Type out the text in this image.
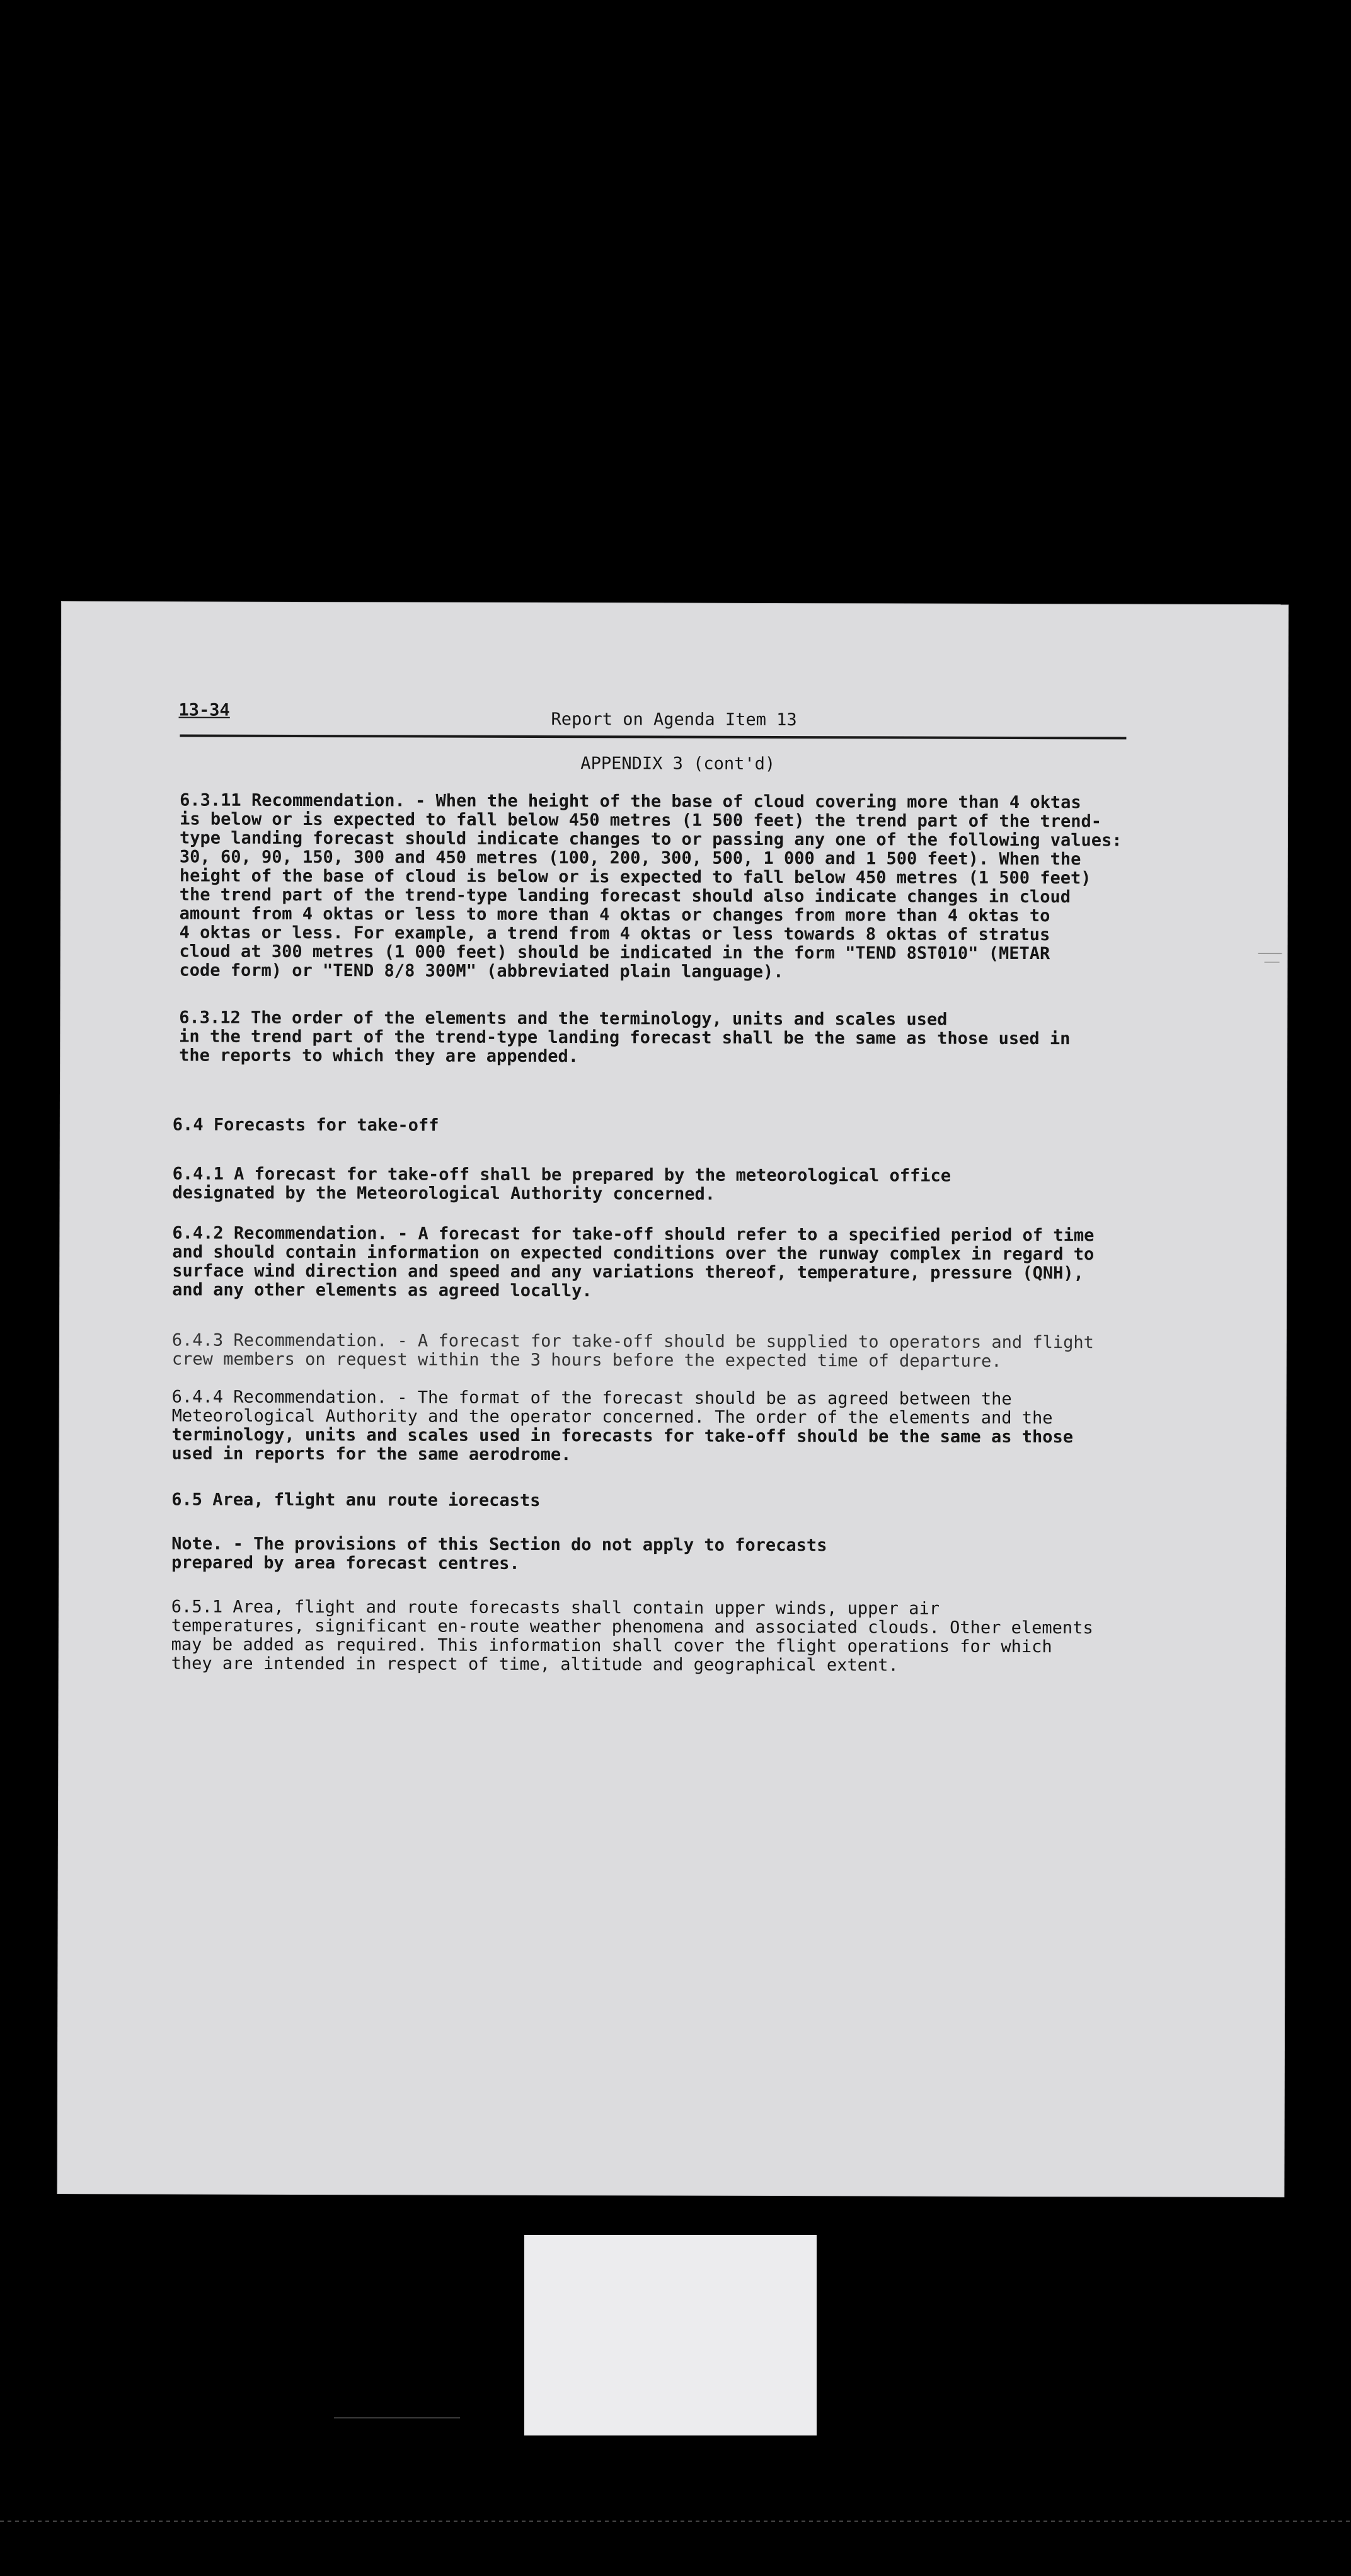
13-34	Report on Agenda Item 13
APPENDIX 3 (cont'd)
6.3.11 Recommendation. - When the height of the base of cloud covering more than 4 oktas
is below or is expected to fall below 450 metres (1 500 feet) the trend part of the trend-
type landing forecast should indicate changes to or passing any one of the following values:
30, 60, 90, 150, 300 and 450 metres (100, 200, 300, 500, 1 000 and 1 500 feet). When the
height of the base of cloud is below or is expected to fall below 450 metres (1 500 feet)
the trend part of the trend-type landing forecast should also indicate changes in cloud
amount from 4 oktas or less to more than 4 oktas or changes from more than 4 oktas to
4 oktas or less. For example, a trend from 4 oktas or less towards 8 oktas of stratus
cloud at 300 metres (1 000 feet) should be indicated in the form "TEND 8ST010" (METAR
code form) or "TEND 8/8 300M" (abbreviated plain language).
6.3.12 The order of the elements and the terminology, units and scales used
in the trend part of the trend-type landing forecast shall be the same as those used in
the reports to which they are appended.
6.4 Forecasts for take-off
6.4.1 A forecast for take-off shall be prepared by the meteorological office
designated by the Meteorological Authority concerned.
6.4.2 Recommendation. - A forecast for take-off should refer to a specified period of time
and should contain information on expected conditions over the runway complex in regard to
surface wind direction and speed and any variations thereof, temperature, pressure (QNH),
and any other elements as agreed locally.
6.4.3 Recommendation. - A forecast for take-off should be supplied to operators and flight
crew members on request within the 3 hours before the expected time of departure.
6.4.4 Recommendation. - The format of the forecast should be as agreed between the
Meteorological Authority and the operator concerned. The order of the elements and the
terminology, units and scales used in forecasts for take-off should be the same as those
used in reports for the same aerodrome.
6.5 Area, flight anu route iorecasts
Note. - The provisions of this Section do not apply to forecasts
prepared by area forecast centres.
6.5.1 Area, flight and route forecasts shall contain upper winds, upper air
temperatures, significant en-route weather phenomena and associated clouds. Other elements
may be added as required. This information shall cover the flight operations for which
they are intended in respect of time, altitude and geographical extent.
